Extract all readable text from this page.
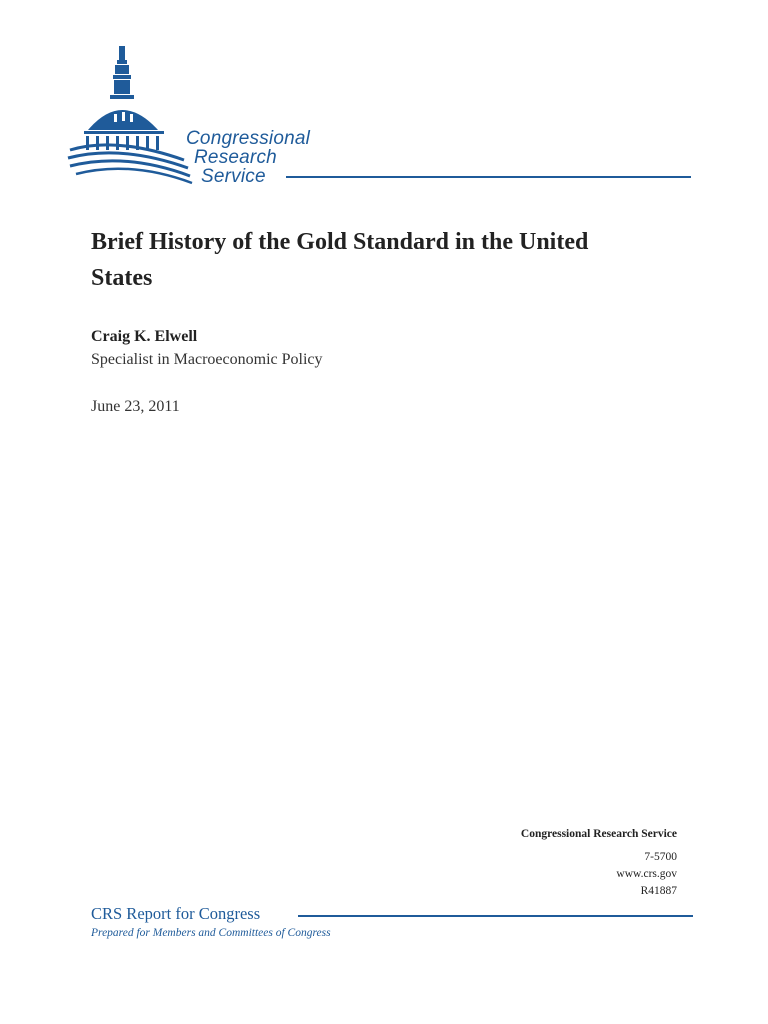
Congressional
Research
Service
Brief History of the Gold Standard in the United States
Craig K. Elwell
Specialist in Macroeconomic Policy
June 23, 2011
Congressional Research Service
7-5700
www.crs.gov
R41887
CRS Report for Congress
Prepared for Members and Committees of Congress
